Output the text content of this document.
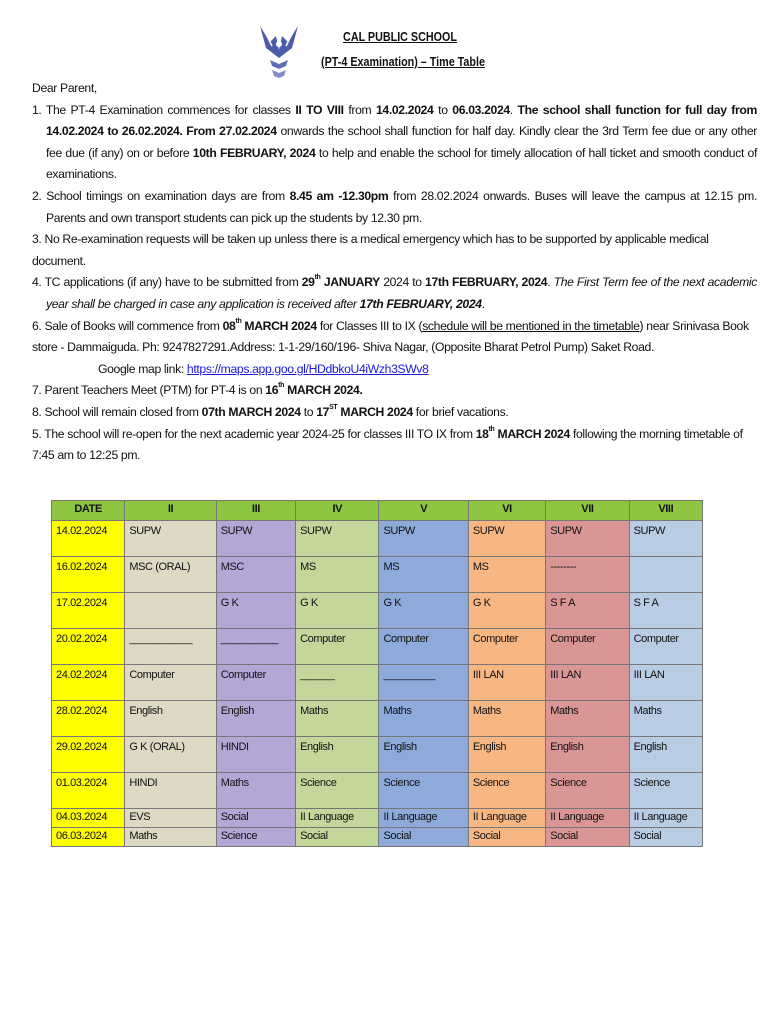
CAL PUBLIC SCHOOL
(PT-4 Examination) – Time Table

Dear Parent,

1. The PT-4 Examination commences for classes II TO VIII from 14.02.2024 to 06.03.2024. The school shall function for full day from 14.02.2024 to 26.02.2024. From 27.02.2024 onwards the school shall function for half day. Kindly clear the 3rd Term fee due or any other fee due (if any) on or before 10th FEBRUARY, 2024 to help and enable the school for timely allocation of hall ticket and smooth conduct of examinations.

2. School timings on examination days are from 8.45 am -12.30pm from 28.02.2024 onwards. Buses will leave the campus at 12.15 pm. Parents and own transport students can pick up the students by 12.30 pm.

3. No Re-examination requests will be taken up unless there is a medical emergency which has to be supported by applicable medical document.

4. TC applications (if any) have to be submitted from 29th JANUARY 2024 to 17th FEBRUARY, 2024. The First Term fee of the next academic year shall be charged in case any application is received after 17th FEBRUARY, 2024.

6. Sale of Books will commence from 08th MARCH 2024 for Classes III to IX (schedule will be mentioned in the timetable) near Srinivasa Book store - Dammaiguda. Ph: 9247827291.Address: 1-1-29/160/196- Shiva Nagar, (Opposite Bharat Petrol Pump) Saket Road.

Google map link: https://maps.app.goo.gl/HDdbkoU4iWzh3SWv8

7. Parent Teachers Meet (PTM) for PT-4 is on 16th MARCH 2024.

8. School will remain closed from 07th MARCH 2024 to 17ST MARCH 2024 for brief vacations.

5. The school will re-open for the next academic year 2024-25 for classes III TO IX from 18th MARCH 2024 following the morning timetable of 7:45 am to 12:25 pm.

DATE	II	III	IV	V	VI	VII	VIII
14.02.2024	SUPW	SUPW	SUPW	SUPW	SUPW	SUPW	SUPW
16.02.2024	MSC (ORAL)	MSC	MS	MS	MS	--------	
17.02.2024		G K	G K	G K	G K	S F A	S F A
20.02.2024	___________	__________	Computer	Computer	Computer	Computer	Computer
24.02.2024	Computer	Computer	______	_________	III LAN	III LAN	III LAN
28.02.2024	English	English	Maths	Maths	Maths	Maths	Maths
29.02.2024	G K (ORAL)	HINDI	English	English	English	English	English
01.03.2024	HINDI	Maths	Science	Science	Science	Science	Science
04.03.2024	EVS	Social	II Language	II Language	II Language	II Language	II Language
06.03.2024	Maths	Science	Social	Social	Social	Social	Social
